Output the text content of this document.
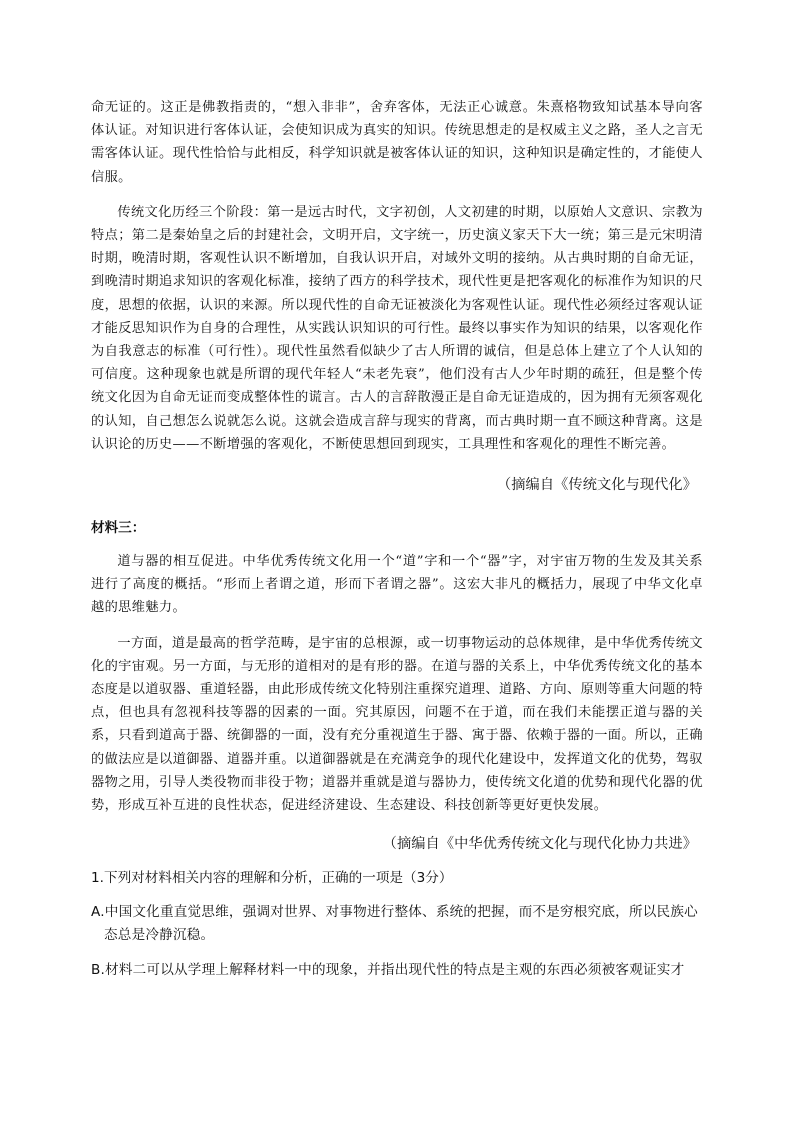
命无证的。这正是佛教指责的，“想入非非”，舍弃客体，无法正心诚意。朱熹格物致知试基本导向客体认证。对知识进行客体认证，会使知识成为真实的知识。传统思想走的是权威主义之路，圣人之言无需客体认证。现代性恰恰与此相反，科学知识就是被客体认证的知识，这种知识是确定性的，才能使人信服。

传统文化历经三个阶段：第一是远古时代，文字初创，人文初建的时期，以原始人文意识、宗教为特点；第二是秦始皇之后的封建社会，文明开启，文字统一，历史演义家天下大一统；第三是元宋明清时期，晚清时期，客观性认识不断增加，自我认识开启，对域外文明的接纳。从古典时期的自命无证，到晚清时期追求知识的客观化标准，接纳了西方的科学技术，现代性更是把客观化的标准作为知识的尺度，思想的依据，认识的来源。所以现代性的自命无证被淡化为客观性认证。现代性必须经过客观认证才能反思知识作为自身的合理性，从实践认识知识的可行性。最终以事实作为知识的结果，以客观化作为自我意志的标准（可行性）。现代性虽然看似缺少了古人所谓的诚信，但是总体上建立了个人认知的可信度。这种现象也就是所谓的现代年轻人“未老先衰”，他们没有古人少年时期的疏狂，但是整个传统文化因为自命无证而变成整体性的谎言。古人的言辞散漫正是自命无证造成的，因为拥有无须客观化的认知，自己想怎么说就怎么说。这就会造成言辞与现实的背离，而古典时期一直不顾这种背离。这是认识论的历史——不断增强的客观化，不断使思想回到现实，工具理性和客观化的理性不断完善。

（摘编自《传统文化与现代化》
材料三：

道与器的相互促进。中华优秀传统文化用一个“道”字和一个“器”字，对宇宙万物的生发及其关系进行了高度的概括。“形而上者谓之道，形而下者谓之器”。这宏大非凡的概括力，展现了中华文化卓越的思维魅力。

一方面，道是最高的哲学范畴，是宇宙的总根源，或一切事物运动的总体规律，是中华优秀传统文化的宇宙观。另一方面，与无形的道相对的是有形的器。在道与器的关系上，中华优秀传统文化的基本态度是以道驭器、重道轻器，由此形成传统文化特别注重探究道理、道路、方向、原则等重大问题的特点，但也具有忽视科技等器的因素的一面。究其原因，问题不在于道，而在我们未能摆正道与器的关系，只看到道高于器、统御器的一面，没有充分重视道生于器、寓于器、依赖于器的一面。所以，正确的做法应是以道御器、道器并重。以道御器就是在充满竞争的现代化建设中，发挥道文化的优势，驾驭器物之用，引导人类役物而非役于物；道器并重就是道与器协力，使传统文化道的优势和现代化器的优势，形成互补互进的良性状态，促进经济建设、生态建设、科技创新等更好更快发展。

（摘编自《中华优秀传统文化与现代化协力共进》

1.下列对材料相关内容的理解和分析，正确的一项是（3分）

A.中国文化重直觉思维，强调对世界、对事物进行整体、系统的把握，而不是穷根究底，所以民族心态总是冷静沉稳。

B.材料二可以从学理上解释材料一中的现象，并指出现代性的特点是主观的东西必须被客观证实才
